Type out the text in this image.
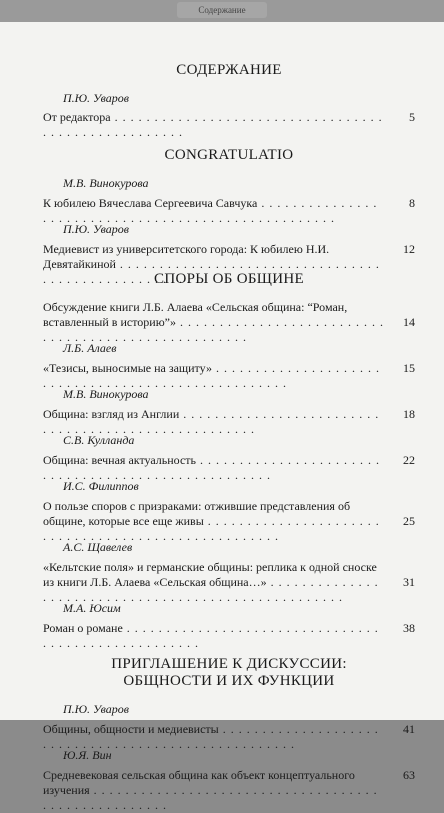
Содержание
СОДЕРЖАНИЕ
П.Ю. Уваров
От редактора . . . . . . . . . . . . . . . . . . . . . . . . . . . . . . . . . . . . . . . . . . . . . . . . . . . .
5
CONGRATULATIO
М.В. Винокурова
К юбилею Вячеслава Сергеевича Савчука . . . . . . . . . . . . . . . . . . . . . . . . . . . . . . . . . . . . . . . . . . . . . . . . . . . .
8
П.Ю. Уваров
Медиевист из университетского города: К юбилею Н.И. Девятайкиной . . . . . . . . . . . . . . . . . . . . . . . . . . . . . . . . . . . . . . . . . . . . . . . . . . . .
12
СПОРЫ ОБ ОБЩИНЕ
Обсуждение книги Л.Б. Алаева «Сельская община: “Роман, вставленный в историю”» . . . . . . . . . . . . . . . . . . . . . . . . . . . . . . . . . . . . . . . . . . . . . . . . . . . .
14
Л.Б. Алаев
«Тезисы, выносимые на защиту» . . . . . . . . . . . . . . . . . . . . . . . . . . . . . . . . . . . . . . . . . . . . . . . . . . . .
15
М.В. Винокурова
Община: взгляд из Англии . . . . . . . . . . . . . . . . . . . . . . . . . . . . . . . . . . . . . . . . . . . . . . . . . . . .
18
С.В. Кулланда
Община: вечная актуальность . . . . . . . . . . . . . . . . . . . . . . . . . . . . . . . . . . . . . . . . . . . . . . . . . . . .
22
И.С. Филиппов
О пользе споров с призраками: отжившие представления об общине, которые все еще живы . . . . . . . . . . . . . . . . . . . . . . . . . . . . . . . . . . . . . . . . . . . . . . . . . . . .
25
А.С. Щавелев
«Кельтские поля» и германские общины: реплика к одной сноске из книги Л.Б. Алаева «Сельская община…» . . . . . . . . . . . . . . . . . . . . . . . . . . . . . . . . . . . . . . . . . . . . . . . . . . . .
31
М.А. Юсим
Роман о романе . . . . . . . . . . . . . . . . . . . . . . . . . . . . . . . . . . . . . . . . . . . . . . . . . . . .
38
ПРИГЛАШЕНИЕ К ДИСКУССИИ:
ОБЩНОСТИ И ИХ ФУНКЦИИ
П.Ю. Уваров
Общины, общности и медиевисты . . . . . . . . . . . . . . . . . . . . . . . . . . . . . . . . . . . . . . . . . . . . . . . . . . . .
41
Ю.Я. Вин
Средневековая сельская община как объект концептуального изучения . . . . . . . . . . . . . . . . . . . . . . . . . . . . . . . . . . . . . . . . . . . . . . . . . . . .
63
